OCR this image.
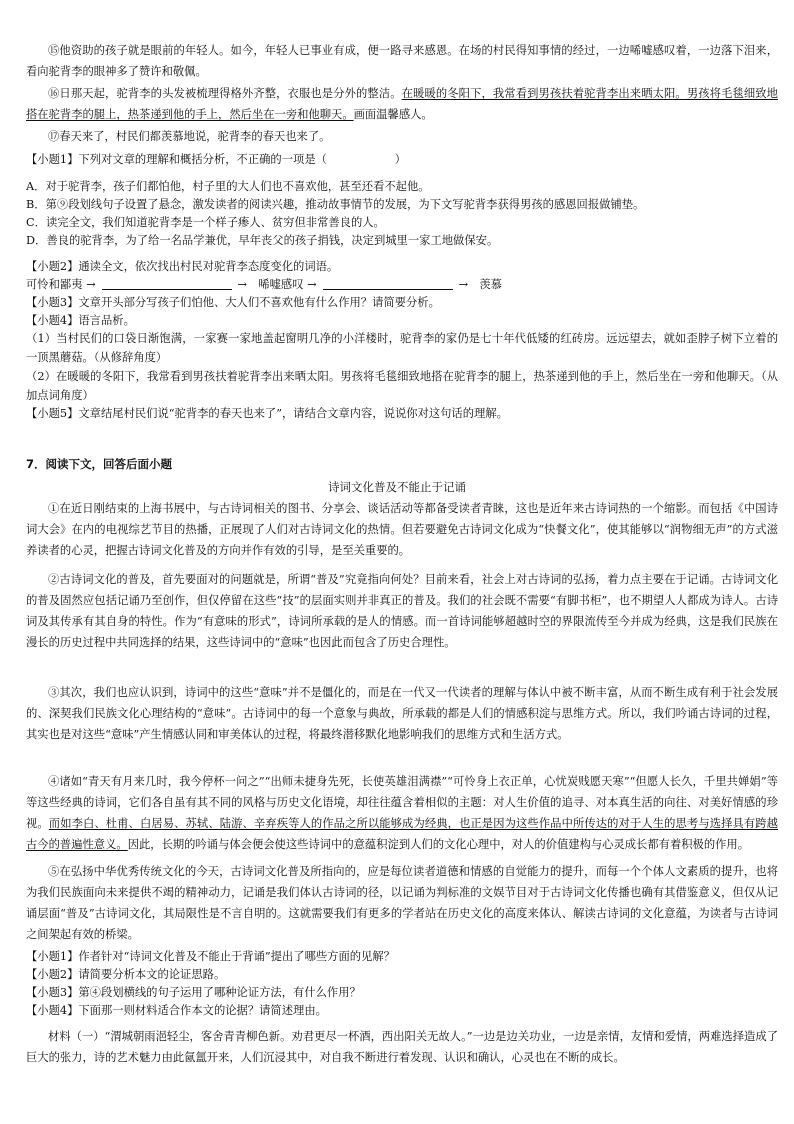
⑮他资助的孩子就是眼前的年轻人。如今，年轻人已事业有成，便一路寻来感恩。在场的村民得知事情的经过，一边唏嘘感叹着，一边落下泪来，看向驼背李的眼神多了赞许和敬佩。

⑯日那天起，驼背李的头发被梳理得格外齐整，衣服也是分外的整洁。在暖暖的冬阳下，我常看到男孩扶着驼背李出来晒太阳。男孩将毛毯细致地搭在驼背李的腿上，热茶递到他的手上，然后坐在一旁和他聊天。画面温馨感人。

⑰春天来了，村民们都羡慕地说，驼背李的春天也来了。

【小题1】下列对文章的理解和概括分析，不正确的一项是（　　　　　　）

A．对于驼背李，孩子们都怕他，村子里的大人们也不喜欢他，甚至还看不起他。

B．第⑨段划线句子设置了悬念，激发读者的阅读兴趣，推动故事情节的发展，为下文写驼背李获得男孩的感恩回报做铺垫。

C．读完全文，我们知道驼背李是一个样子瘆人、贫穷但非常善良的人。

D．善良的驼背李，为了给一名品学兼优，早年丧父的孩子捐钱，决定到城里一家工地做保安。

【小题2】通读全文，依次找出村民对驼背李态度变化的词语。

可怜和鄙夷 →	→　唏嘘感叹 →	→　羡慕

【小题3】文章开头部分写孩子们怕他、大人们不喜欢他有什么作用？请简要分析。

【小题4】语言品析。

（1）当村民们的口袋日渐饱满，一家赛一家地盖起窗明几净的小洋楼时，驼背李的家仍是七十年代低矮的红砖房。远远望去，就如歪脖子树下立着的一顶黑蘑菇。（从修辞角度）

（2）在暖暖的冬阳下，我常看到男孩扶着驼背李出来晒太阳。男孩将毛毯细致地搭在驼背李的腿上，热茶递到他的手上，然后坐在一旁和他聊天。（从加点词角度）

【小题5】文章结尾村民们说“驼背李的春天也来了”，请结合文章内容，说说你对这句话的理解。

7．阅读下文，回答后面小题
诗词文化普及不能止于记诵

①在近日刚结束的上海书展中，与古诗词相关的图书、分享会、谈话活动等都备受读者青睐，这也是近年来古诗词热的一个缩影。而包括《中国诗词大会》在内的电视综艺节目的热播，正展现了人们对古诗词文化的热情。但若要避免古诗词文化成为“快餐文化”，使其能够以“润物细无声”的方式滋养读者的心灵，把握古诗词文化普及的方向并作有效的引导，是至关重要的。

②古诗词文化的普及，首先要面对的问题就是，所谓“普及”究竟指向何处？目前来看，社会上对古诗词的弘扬，着力点主要在于记诵。古诗词文化的普及固然应包括记诵乃至创作，但仅停留在这些“技”的层面实则并非真正的普及。我们的社会既不需要“有脚书柜”，也不期望人人都成为诗人。古诗词及其传承有其自身的特性。作为“有意味的形式”，诗词所承载的是人的情感。而一首诗词能够超越时空的界限流传至今并成为经典，这是我们民族在漫长的历史过程中共同选择的结果，这些诗词中的“意味”也因此而包含了历史合理性。

③其次，我们也应认识到，诗词中的这些“意味”并不是僵化的，而是在一代又一代读者的理解与体认中被不断丰富，从而不断生成有利于社会发展的、深契我们民族文化心理结构的“意味”。古诗词中的每一个意象与典故，所承载的都是人们的情感积淀与思维方式。所以，我们吟诵古诗词的过程，其实也是对这些“意味”产生情感认同和审美体认的过程，将最终潜移默化地影响我们的思维方式和生活方式。

④诸如“青天有月来几时，我今停杯一问之”“出师未捷身先死，长使英雄泪满襟”“可怜身上衣正单，心忧炭贱愿天寒”“但愿人长久，千里共婵娟”等等这些经典的诗词，它们各自虽有其不同的风格与历史文化语境，却往往蕴含着相似的主题：对人生价值的追寻、对本真生活的向往、对美好情感的珍视。而如李白、杜甫、白居易、苏轼、陆游、辛弃疾等人的作品之所以能够成为经典，也正是因为这些作品中所传达的对于人生的思考与选择具有跨越古今的普遍性意义。因此，长期的吟诵与体会便会使这些诗词中的意蕴积淀到人们的文化心理中，对人的价值建构与心灵成长都有着积极的作用。

⑤在弘扬中华优秀传统文化的今天，古诗词文化普及所指向的，应是每位读者道德和情感的自觉能力的提升，而每一个个体人文素质的提升，也将为我们民族面向未来提供不竭的精神动力，记诵是我们体认古诗词的径，以记诵为判标准的文娱节目对于古诗词文化传播也确有其借鉴意义，但仅从记诵层面“普及”古诗词文化，其局限性是不言自明的。这就需要我们有更多的学者站在历史文化的高度来体认、解读古诗词的文化意蕴，为读者与古诗词之间架起有效的桥梁。

【小题1】作者针对“诗词文化普及不能止于背诵”提出了哪些方面的见解？

【小题2】请简要分析本文的论证思路。

【小题3】第④段划横线的句子运用了哪种论证方法，有什么作用？

【小题4】下面那一则材料适合作本文的论据？请简述理由。

材料（一）“渭城朝雨浥轻尘，客舍青青柳色新。劝君更尽一杯酒，西出阳关无故人。”一边是边关功业，一边是亲情，友情和爱情，两难选择造成了巨大的张力，诗的艺术魅力由此氤氲开来，人们沉浸其中，对自我不断进行着发现、认识和确认，心灵也在不断的成长。
